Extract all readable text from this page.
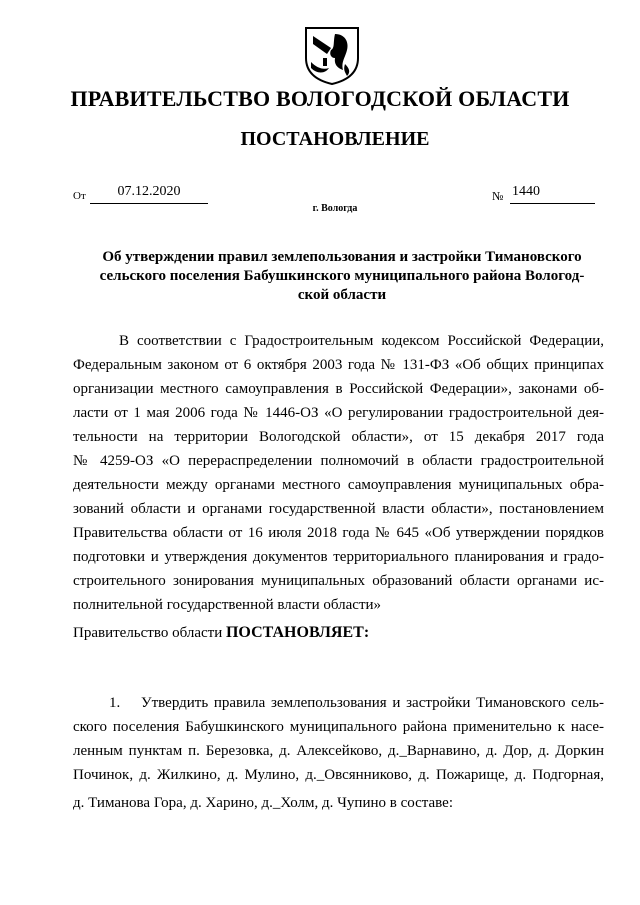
ПРАВИТЕЛЬСТВО ВОЛОГОДСКОЙ ОБЛАСТИ
ПОСТАНОВЛЕНИЕ
От	07.12.2020	№ 1440
г. Вологда
Об утверждении правил землепользования и застройки Тимановского
сельского поселения Бабушкинского муниципального района Вологод-
ской области
В соответствии с Градостроительным кодексом Российской Федерации,
Федеральным законом от 6 октября 2003 года № 131-ФЗ «Об общих принципах
организации местного самоуправления в Российской Федерации», законами об-
ласти от 1 мая 2006 года № 1446-ОЗ «О регулировании градостроительной дея-
тельности на территории Вологодской области», от 15 декабря 2017 года
№ 4259-ОЗ «О перераспределении полномочий в области градостроительной
деятельности между органами местного самоуправления муниципальных обра-
зований области и органами государственной власти области», постановлением
Правительства области от 16 июля 2018 года № 645 «Об утверждении порядков
подготовки и утверждения документов территориального планирования и градо-
строительного зонирования муниципальных образований области органами ис-
полнительной государственной власти области»
Правительство области ПОСТАНОВЛЯЕТ:
1. Утвердить правила землепользования и застройки Тимановского сель-
ского поселения Бабушкинского муниципального района применительно к насе-
ленным пунктам п. Березовка, д. Алексейково, д._Варнавино, д. Дор, д. Доркин
Починок, д. Жилкино, д. Мулино, д._Овсянниково, д. Пожарище, д. Подгорная,
д. Тиманова Гора, д. Харино, д._Холм, д. Чупино в составе:
